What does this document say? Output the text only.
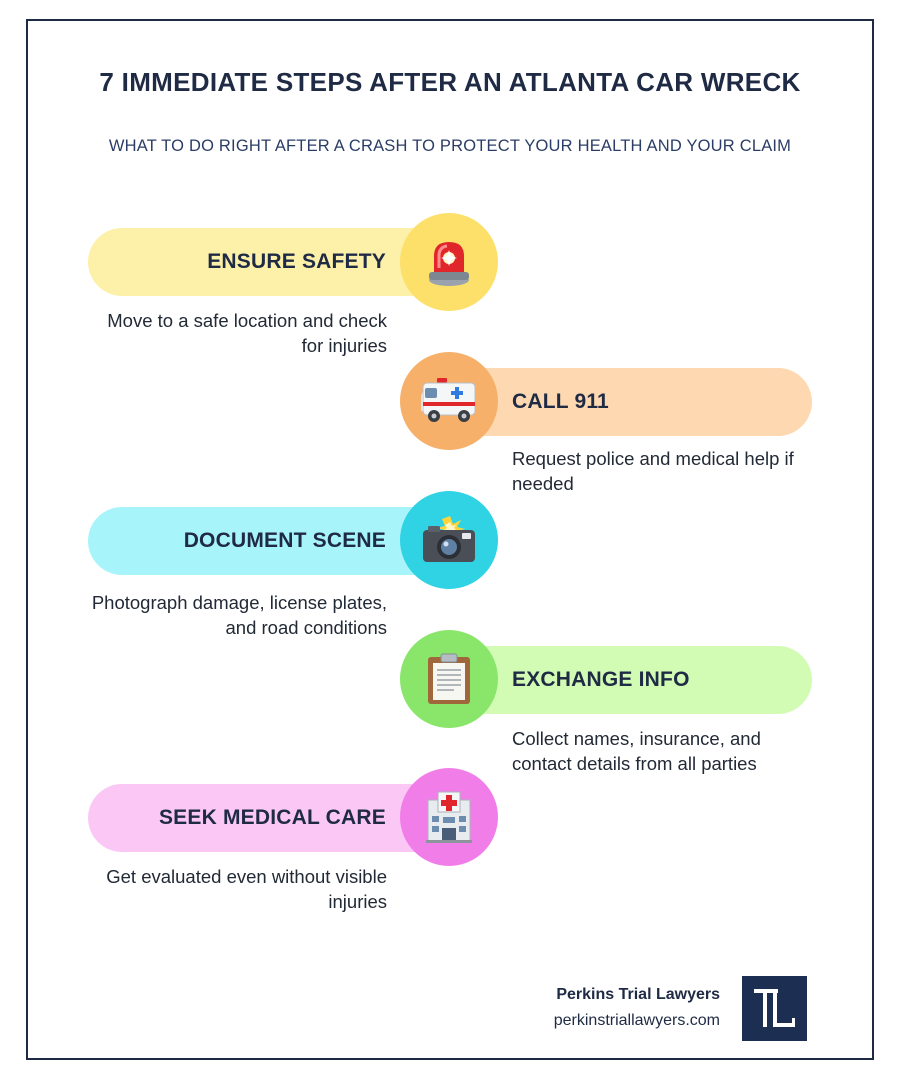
7 IMMEDIATE STEPS AFTER AN ATLANTA CAR WRECK
WHAT TO DO RIGHT AFTER A CRASH TO PROTECT YOUR HEALTH AND YOUR CLAIM
ENSURE SAFETY
Move to a safe location and check for injuries
CALL 911
Request police and medical help if needed
DOCUMENT SCENE
Photograph damage, license plates, and road conditions
EXCHANGE INFO
Collect names, insurance, and contact details from all parties
SEEK MEDICAL CARE
Get evaluated even without visible injuries
Perkins Trial Lawyers
perkinstriallawyers.com
